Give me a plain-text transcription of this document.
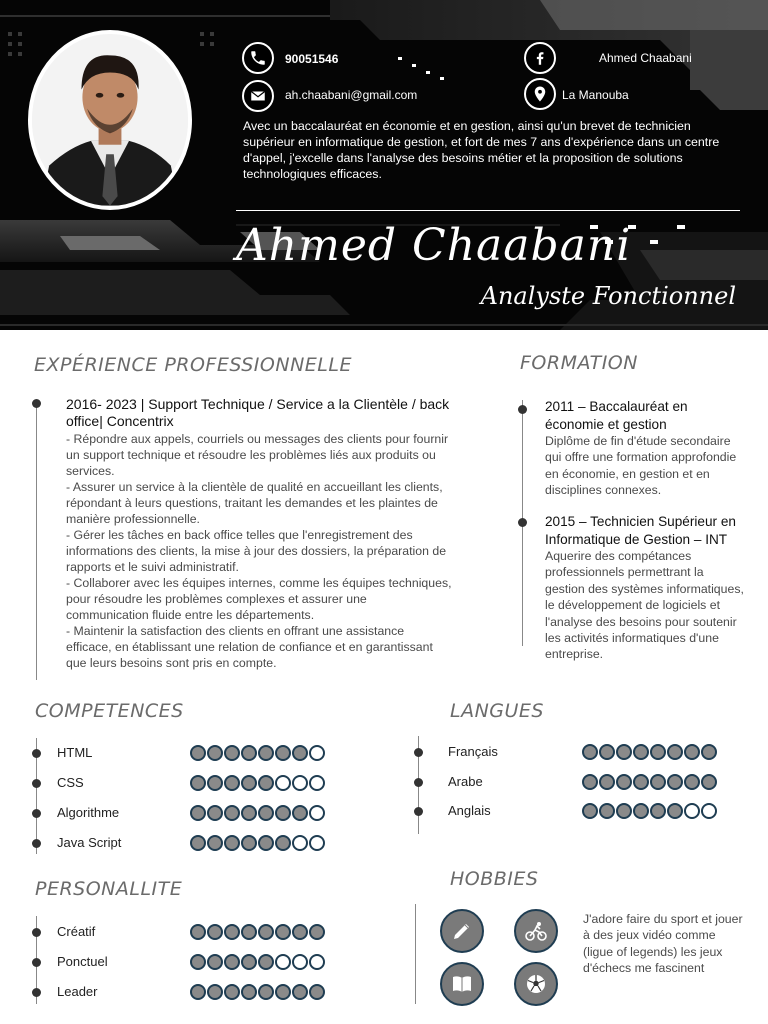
90051546
ah.chaabani@gmail.com
Ahmed Chaabani
La Manouba
Avec un baccalauréat en économie et en gestion, ainsi qu'un brevet de technicien supérieur en informatique de gestion, et fort de mes 7 ans d'expérience dans un centre d'appel, j'excelle dans l'analyse des besoins métier et la proposition de solutions technologiques efficaces.
Ahmed Chaabani
Analyste Fonctionnel
EXPÉRIENCE PROFESSIONNELLE
2016- 2023 | Support Technique / Service a la Clientèle / back office| Concentrix
- Répondre aux appels, courriels ou messages des clients pour fournir
un support technique et résoudre les problèmes liés aux produits ou
services.
- Assurer un service à la clientèle de qualité en accueillant les clients,
répondant à leurs questions, traitant les demandes et les plaintes de
manière professionnelle.
- Gérer les tâches en back office telles que l'enregistrement des
informations des clients, la mise à jour des dossiers, la préparation de
rapports et le suivi administratif.
- Collaborer avec les équipes internes, comme les équipes techniques,
pour résoudre les problèmes complexes et assurer une
communication fluide entre les départements.
- Maintenir la satisfaction des clients en offrant une assistance
efficace, en établissant une relation de confiance et en garantissant
que leurs besoins sont pris en compte.
FORMATION
2011 – Baccalauréat en économie et gestion
Diplôme de fin d'étude secondaire qui offre une formation approfondie en économie, en gestion et en disciplines connexes.
2015 – Technicien Supérieur en Informatique de Gestion – INT
Aquerire des compétances professionnels permettrant la gestion des systèmes informatiques, le développement de logiciels et l'analyse des besoins pour soutenir les activités informatiques d'une entreprise.
COMPETENCES
HTML
CSS
Algorithme
Java Script
LANGUES
Français
Arabe
Anglais
PERSONALLITE
Créatif
Ponctuel
Leader
HOBBIES
J'adore faire du sport et jouer à des jeux vidéo comme (ligue of legends) les jeux d'échecs me fascinent
